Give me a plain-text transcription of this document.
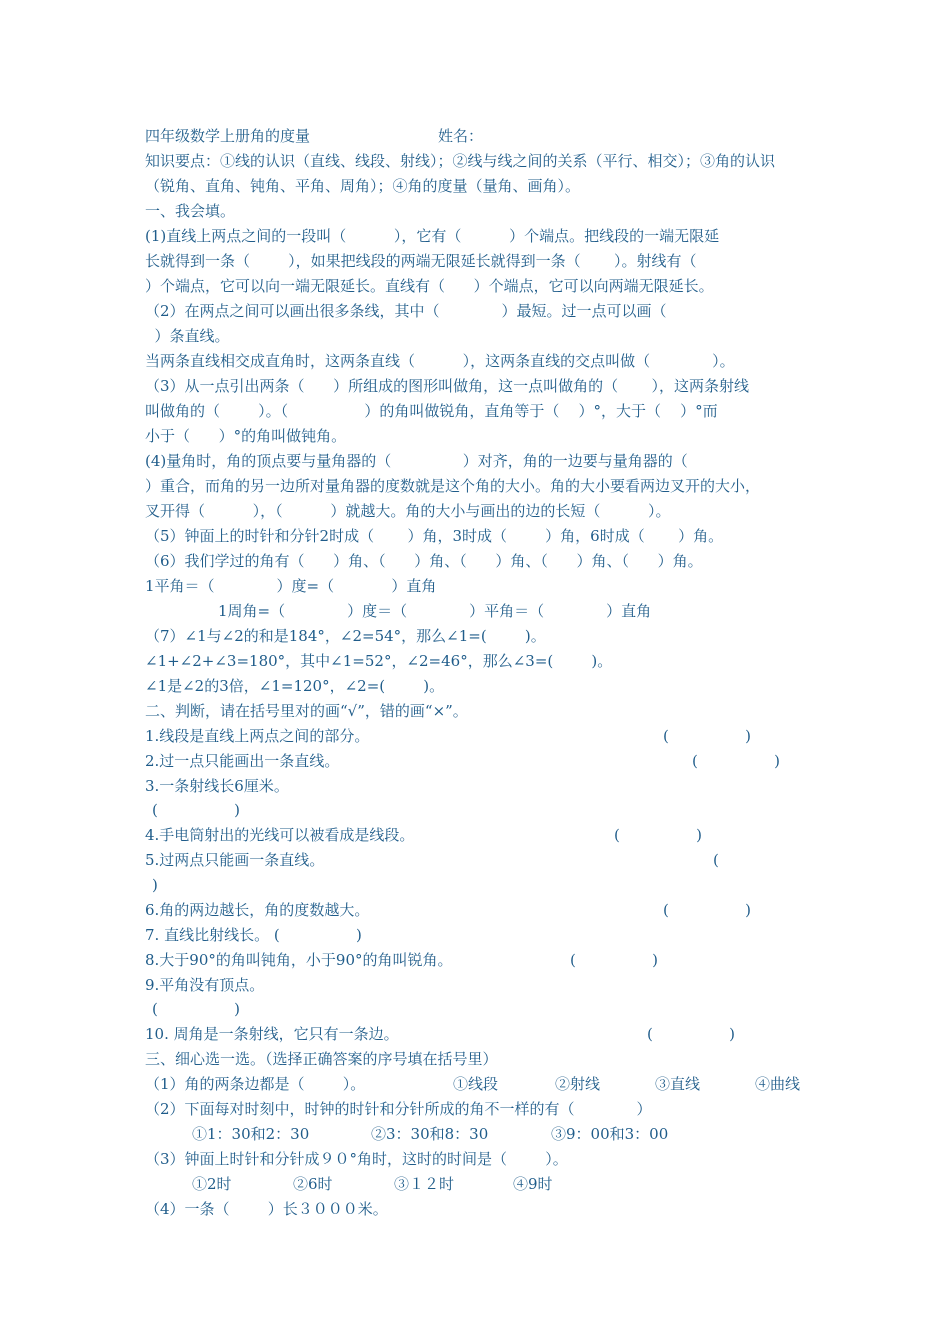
四年级数学上册角的度量	姓名：
知识要点：①线的认识（直线、线段、射线）；②线与线之间的关系（平行、相交）；③角的认识
（锐角、直角、钝角、平角、周角）；④角的度量（量角、画角）。
一、我会填。
(1)直线上两点之间的一段叫（          ），它有（          ）个端点。把线段的一端无限延
长就得到一条（        ），如果把线段的两端无限延长就得到一条（       ）。射线有（
）个端点，它可以向一端无限延长。直线有（      ）个端点，它可以向两端无限延长。
（2）在两点之间可以画出很多条线，其中（             ）最短。过一点可以画（
）条直线。
当两条直线相交成直角时，这两条直线（          ），这两条直线的交点叫做（             ）。
（3）从一点引出两条（      ）所组成的图形叫做角，这一点叫做角的（       ），这两条射线
叫做角的（        ）。（                ）的角叫做锐角，直角等于（    ）°，大于（    ）°而
小于（      ）°的角叫做钝角。
(4)量角时，角的顶点要与量角器的（               ）对齐，角的一边要与量角器的（
）重合，而角的另一边所对量角器的度数就是这个角的大小。角的大小要看两边叉开的大小，
叉开得（          ），（          ）就越大。角的大小与画出的边的长短（          ）。
（5）钟面上的时针和分针2时成（       ）角，3时成（        ）角，6时成（       ）角。
（6）我们学过的角有（      ）角、（      ）角、（      ）角、（      ）角、（      ）角。
1平角＝（             ）度=（            ）直角
1周角=（             ）度＝（             ）平角＝（             ）直角
（7）∠1与∠2的和是184°，∠2=54°，那么∠1=(        )。
∠1+∠2+∠3=180°，其中∠1=52°，∠2=46°，那么∠3=(        )。
∠1是∠2的3倍，∠1=120°，∠2=(        )。
二、判断，请在括号里对的画“√”，错的画“×”。
1.线段是直线上两点之间的部分。	(                )
2.过一点只能画出一条直线。	(                )
3.一条射线长6厘米。
(                )
4.手电筒射出的光线可以被看成是线段。	(                )
5.过两点只能画一条直线。	(
)
6.角的两边越长，角的度数越大。	(                )
7. 直线比射线长。 (                )
8.大于90°的角叫钝角，小于90°的角叫锐角。	(                )
9.平角没有顶点。
(                )
10. 周角是一条射线，它只有一条边。	(                )
三、细心选一选。（选择正确答案的序号填在括号里）
（1）角的两条边都是（        ）。	①线段	②射线	③直线	④曲线
（2）下面每对时刻中，时钟的时针和分针所成的角不一样的有（             ）
①1：30和2：30	②3：30和8：30	③9：00和3：00
（3）钟面上时针和分针成９０°角时，这时的时间是（        ）。
①2时	②6时	③１２时	④9时
（4）一条（        ）长３０００米。
